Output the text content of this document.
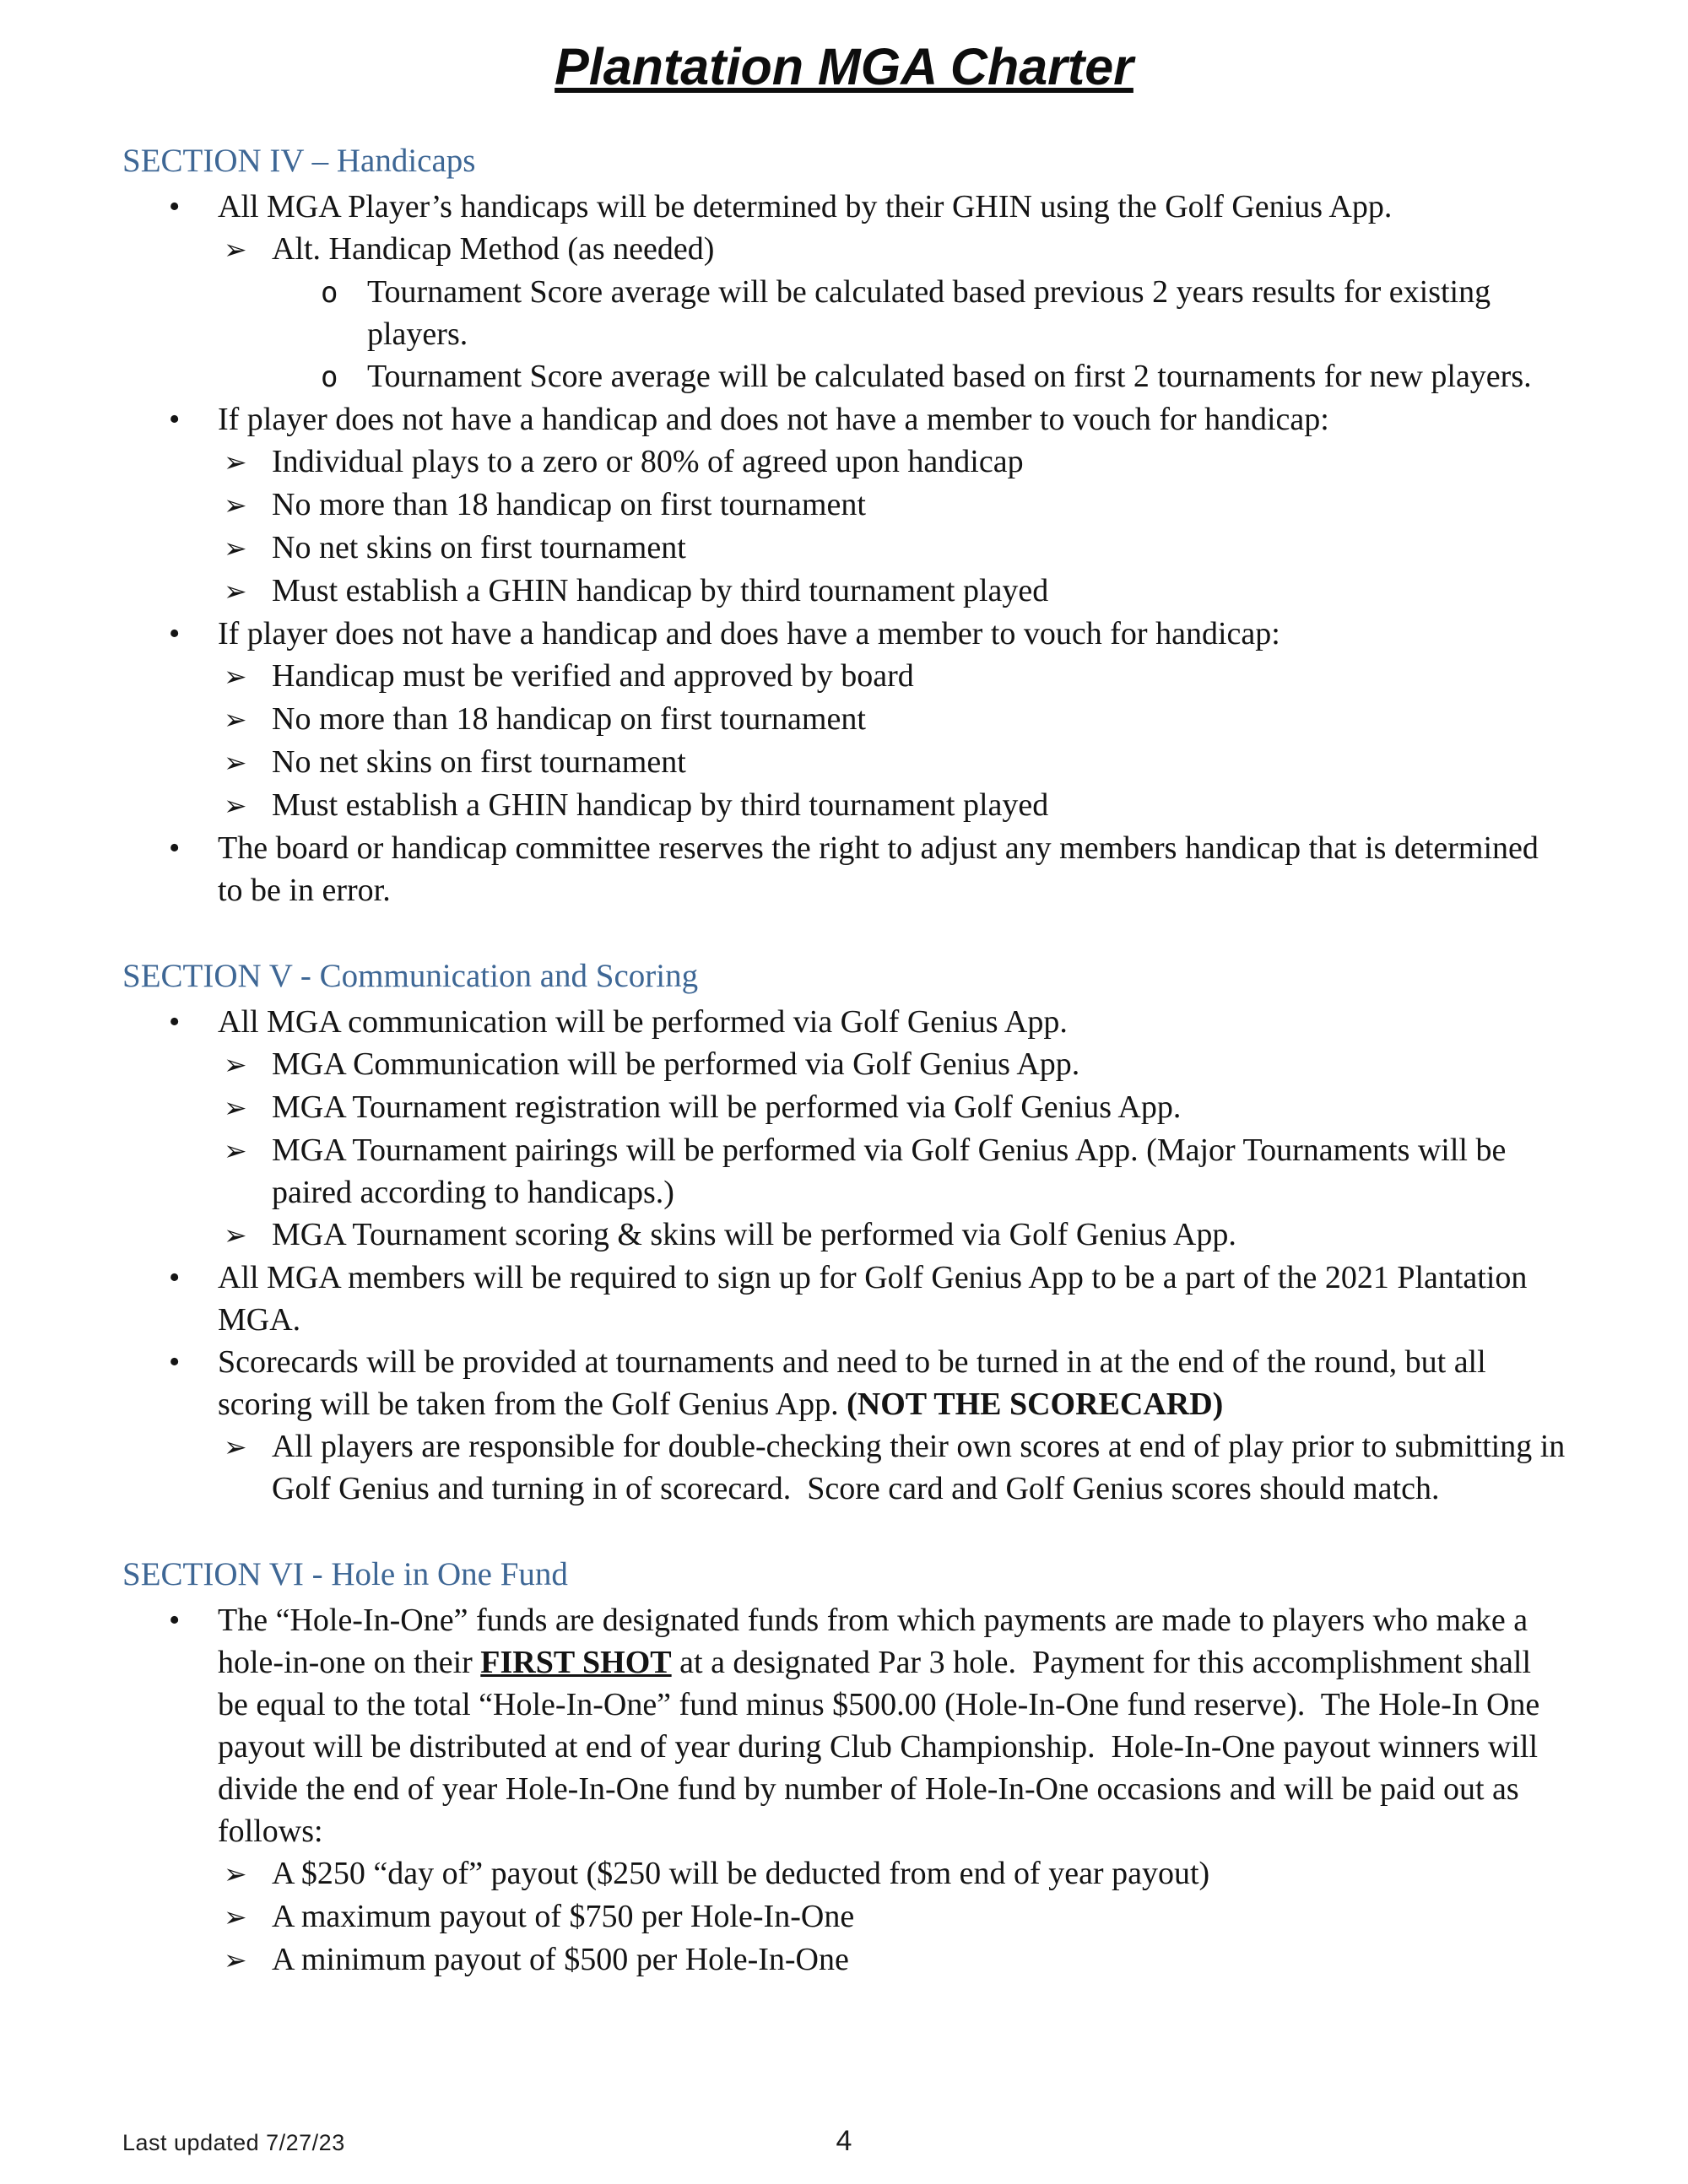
Plantation MGA Charter
SECTION IV – Handicaps
•	All MGA Player’s handicaps will be determined by their GHIN using the Golf Genius App.
➢ Alt. Handicap Method (as needed)
o Tournament Score average will be calculated based previous 2 years results for existing players.
o Tournament Score average will be calculated based on first 2 tournaments for new players.
•	If player does not have a handicap and does not have a member to vouch for handicap:
➢ Individual plays to a zero or 80% of agreed upon handicap
➢ No more than 18 handicap on first tournament
➢ No net skins on first tournament
➢ Must establish a GHIN handicap by third tournament played
•	If player does not have a handicap and does have a member to vouch for handicap:
➢ Handicap must be verified and approved by board
➢ No more than 18 handicap on first tournament
➢ No net skins on first tournament
➢ Must establish a GHIN handicap by third tournament played
•	The board or handicap committee reserves the right to adjust any members handicap that is determined to be in error.
SECTION V - Communication and Scoring
•	All MGA communication will be performed via Golf Genius App.
➢ MGA Communication will be performed via Golf Genius App.
➢ MGA Tournament registration will be performed via Golf Genius App.
➢ MGA Tournament pairings will be performed via Golf Genius App. (Major Tournaments will be paired according to handicaps.)
➢ MGA Tournament scoring & skins will be performed via Golf Genius App.
•	All MGA members will be required to sign up for Golf Genius App to be a part of the 2021 Plantation MGA.
•	Scorecards will be provided at tournaments and need to be turned in at the end of the round, but all scoring will be taken from the Golf Genius App. (NOT THE SCORECARD)
➢ All players are responsible for double-checking their own scores at end of play prior to submitting in Golf Genius and turning in of scorecard.  Score card and Golf Genius scores should match.
SECTION VI - Hole in One Fund
•	The “Hole-In-One” funds are designated funds from which payments are made to players who make a hole-in-one on their FIRST SHOT at a designated Par 3 hole.  Payment for this accomplishment shall be equal to the total “Hole-In-One” fund minus $500.00 (Hole-In-One fund reserve).  The Hole-In One payout will be distributed at end of year during Club Championship.  Hole-In-One payout winners will divide the end of year Hole-In-One fund by number of Hole-In-One occasions and will be paid out as follows:
➢ A $250 “day of” payout ($250 will be deducted from end of year payout)
➢ A maximum payout of $750 per Hole-In-One
➢ A minimum payout of $500 per Hole-In-One
Last updated 7/27/23	4
